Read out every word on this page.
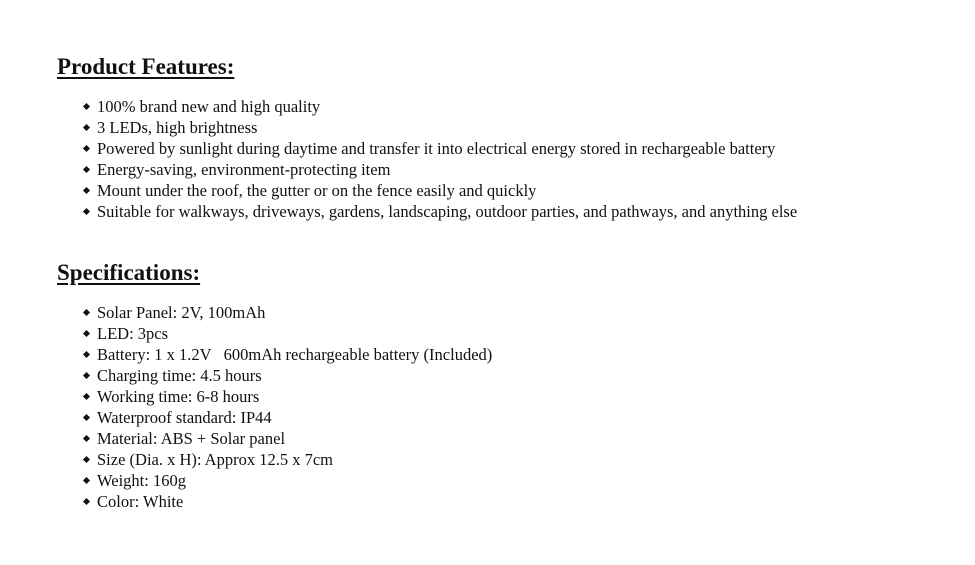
Product Features:
100% brand new and high quality
3 LEDs, high brightness
Powered by sunlight during daytime and transfer it into electrical energy stored in rechargeable battery
Energy-saving, environment-protecting item
Mount under the roof, the gutter or on the fence easily and quickly
Suitable for walkways, driveways, gardens, landscaping, outdoor parties, and pathways, and anything else
Specifications:
Solar Panel: 2V, 100mAh
LED: 3pcs
Battery: 1 x 1.2V   600mAh rechargeable battery (Included)
Charging time: 4.5 hours
Working time: 6-8 hours
Waterproof standard: IP44
Material: ABS + Solar panel
Size (Dia. x H): Approx 12.5 x 7cm
Weight: 160g
Color: White
